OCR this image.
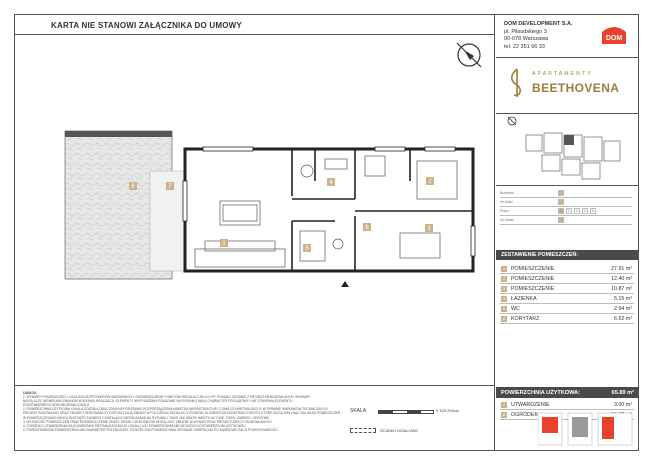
KARTA NIE STANOWI ZAŁĄCZNIKA DO UMOWY
1
2
3
4
5
6
7
8
UWAGA
1. WYMIARY POMIESZCZEŃ, LOKALIZACJA PRZYBORÓW SANITARNYCH, ROZMIESZCZENIE PUNKTÓW INSTALACYJNYCH ITP. PODANO ZGODNIE Z PROJEKTEM BUDOWLANYM. WYMIARY
MOGĄ ULEC NIEWIELKIM ZMIANOM W WYNIKU REALIZACJI. ELEMENTY WYPOSAŻENIA POKAZANE NA RYSUNKU MAJĄ CHARAKTER POGLĄDOWY I NIE STANOWIĄ ELEMENTU
PODSTAWOWEGO WYKOŃCZENIA LOKALU
2. POWIERZCHNIA UŻYTKOWA LOKALU ZOSTAŁA OBLICZONA NA PODSTAWIE ROZPORZĄDZENIA MINISTRA INFRASTRUKTURY Z DNIA 12 KWIETNIA 2002 R. W SPRAWIE WARUNKÓW TECHNICZNYCH
PROJEKT BUDOWLANY ORAZ PROJEKT WYKONAWCZY DOPUSZCZAJĄ ZMIANY W POLOŻENIU INSTALACJI, PIONÓW I ELEMENTÓW KONSTRUKCYJNYCH, KTÓRE MOGĄ WPŁYNĄĆ NA UKŁAD POMIESZCZEŃ
W POMIESZCZENIACH MOGĄ WYSTĄPIĆ ELEMENTY INSTALACJI NIEPOKAZANE NA RYSUNKU, TAKIE JAK KRATKI WENTYLACYJNE, PIONY, ZAWORY I SKRZYNKI
3. WYSOKOŚĆ POMIESZCZEŃ ORAZ ROZMIESZCZENIE OKIEN, DRZWI I GRZEJNIKÓW MOGĄ ULEC ZMIANIE W WYNIKU PRAC PROJEKTOWYCH I BUDOWLANYCH
4. OGRÓDKI I UTWARDZENIA SĄ ELEMENTAMI PRZYNALEŻNYMI DO LOKALU, ICH POWIERZCHNIA NIE WCHODZI DO POWIERZCHNI UŻYTKOWEJ
5. PRZEDSTAWIONA POWIERZCHNIA MA CHARAKTER PRZYBLIŻONY, OSTATECZNA POWIERZCHNIA ZOSTANIE OKREŚLONA PO INWENTARYZACJI POWYKONAWCZEJ
SKALA:	0 100 200cm
ŚCIANKI DZIAŁOWE
DOM DEVELOPMENT S.A.
pl. Piłsudskiego 3
00-078 Warszawa
tel. 22 351 66 33
DOM
APARTAMENTY
BEETHOVENA
Budynek
Nr klatki
Piętro	1	2	3	4	5
Nr lokalu
ZESTAWIENIE POMIESZCZEŃ:
1	POMIESZCZENIE	27.91 m²
2	POMIESZCZENIE	12.40 m²
3	POMIESZCZENIE	10.87 m²
4	ŁAZIENKA	5.15 m²
5	WC	2.94 m²
6	KORYTARZ	6.62 m²
POWIERZCHNIA UŻYTKOWA:	65.89 m²
7	UTWARDZENIE	3.00 m²
8	OGRÓDEK
